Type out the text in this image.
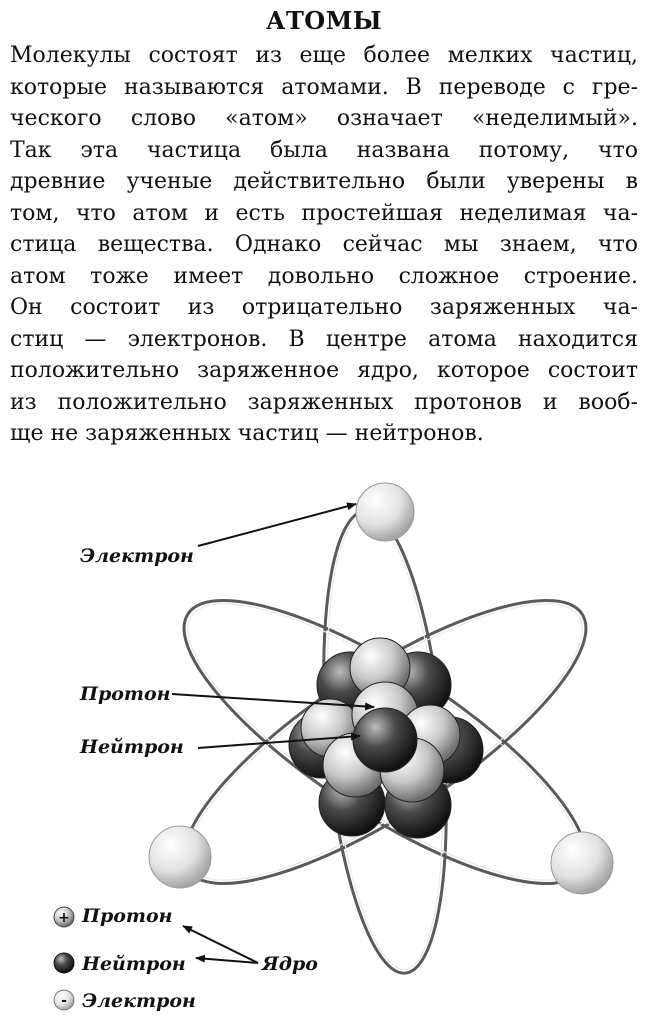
АТОМЫ
Молекулы состоят из еще более мелких частиц,
которые называются атомами. В переводе с гре-
ческого слово «атом» означает «неделимый».
Так эта частица была названа потому, что
древние ученые действительно были уверены в
том, что атом и есть простейшая неделимая ча-
стица вещества. Однако сейчас мы знаем, что
атом тоже имеет довольно сложное строение.
Он состоит из отрицательно заряженных ча-
стиц — электронов. В центре атома находится
положительно заряженное ядро, которое состоит
из положительно заряженных протонов и вооб-
ще не заряженных частиц — нейтронов.
Электрон
Протон
Нейтрон
+ Протон
Нейтрон
- Электрон
Ядро
